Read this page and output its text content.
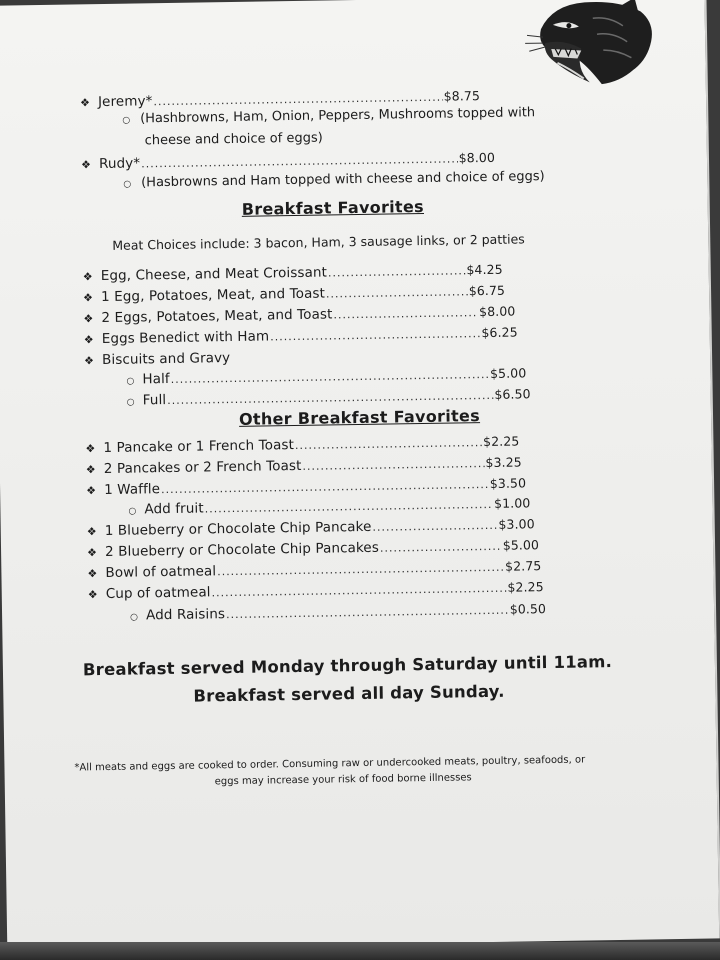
❖ Jeremy* .....	$8.75
○ (Hashbrowns, Ham, Onion, Peppers, Mushrooms topped with
cheese and choice of eggs)
❖ Rudy* .....	$8.00
○ (Hasbrowns and Ham topped with cheese and choice of eggs)
Breakfast Favorites
Meat Choices include: 3 bacon, Ham, 3 sausage links, or 2 patties
❖ Egg, Cheese, and Meat Croissant .....	$4.25
❖ 1 Egg, Potatoes, Meat, and Toast .....	$6.75
❖ 2 Eggs, Potatoes, Meat, and Toast .....	$8.00
❖ Eggs Benedict with Ham .....	$6.25
❖ Biscuits and Gravy
○ Half .....	$5.00
○ Full .....	$6.50
Other Breakfast Favorites
❖ 1 Pancake or 1 French Toast .....	$2.25
❖ 2 Pancakes or 2 French Toast .....	$3.25
❖ 1 Waffle .....	$3.50
○ Add fruit .....	$1.00
❖ 1 Blueberry or Chocolate Chip Pancake .....	$3.00
❖ 2 Blueberry or Chocolate Chip Pancakes .....	$5.00
❖ Bowl of oatmeal .....	$2.75
❖ Cup of oatmeal .....	$2.25
○ Add Raisins .....	$0.50
Breakfast served Monday through Saturday until 11am.
Breakfast served all day Sunday.
*All meats and eggs are cooked to order. Consuming raw or undercooked meats, poultry, seafoods, or
eggs may increase your risk of food borne illnesses
